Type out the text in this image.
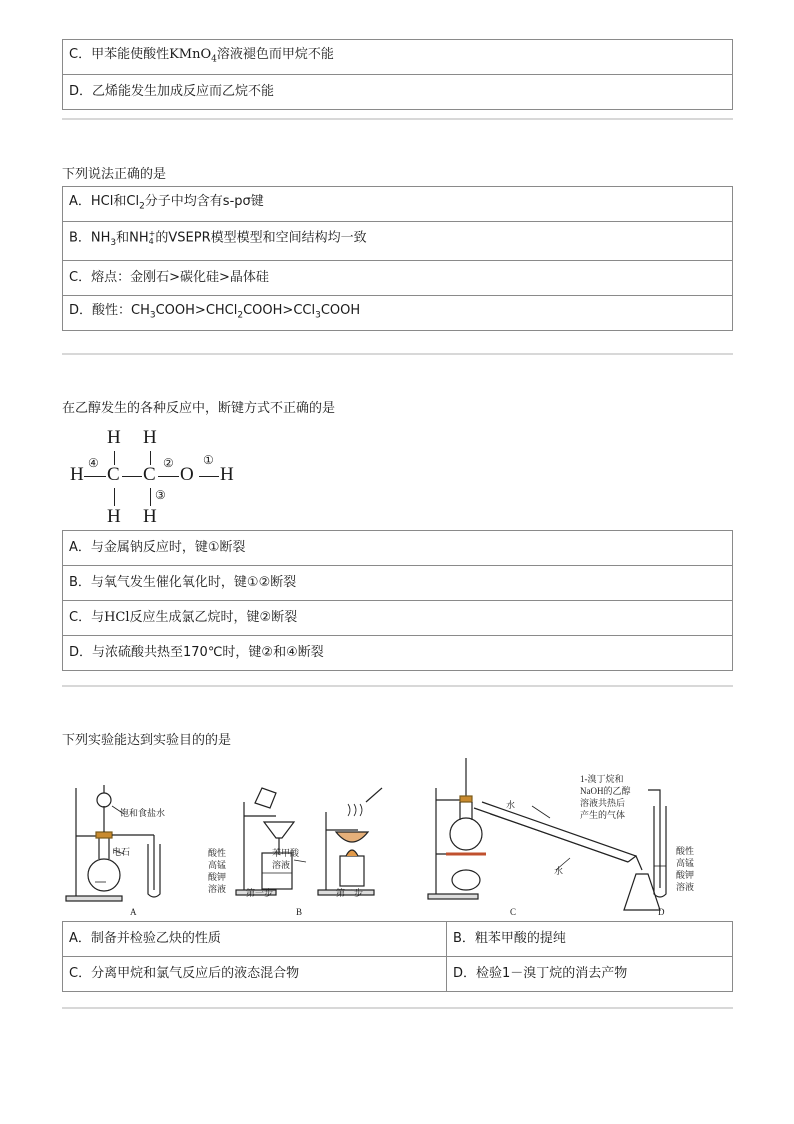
C．甲苯能使酸性KMnO$_4$溶液褪色而甲烷不能
D．乙烯能发生加成反应而乙烷不能
下列说法正确的是
A．HCl和$Cl_2$分子中均含有s-pσ键
B．$NH_3$和NH +
4 的VSEPR模型模型和空间结构均一致
C．熔点：金刚石>碳化硅>晶体硅
D．酸性：$CH_3COOH>CHCl_2COOH>CCl_3COOH$
在乙醇发生的各种反应中，断键方式不正确的是
H H
H C C O H
H H
④	② ①
③
A．与金属钠反应时，键①断裂
B．与氧气发生催化氧化时，键①②断裂
C．与HCl反应生成氯乙烷时，键②断裂
D．与浓硫酸共热至170℃时，键②和④断裂
下列实验能达到实验目的的是
饱和食盐水
电石	酸性
高锰
酸钾
溶液
苯甲酸
溶液
第一步	第二步
水
水
1-溴丁烷和
NaOH的乙醇
溶液共热后
产生的气体
酸性
高锰
酸钾
溶液
A	B	C	D
A．制备并检验乙炔的性质	B．粗苯甲酸的提纯
C．分离甲烷和氯气反应后的液态混合物	D．检验1－溴丁烷的消去产物
